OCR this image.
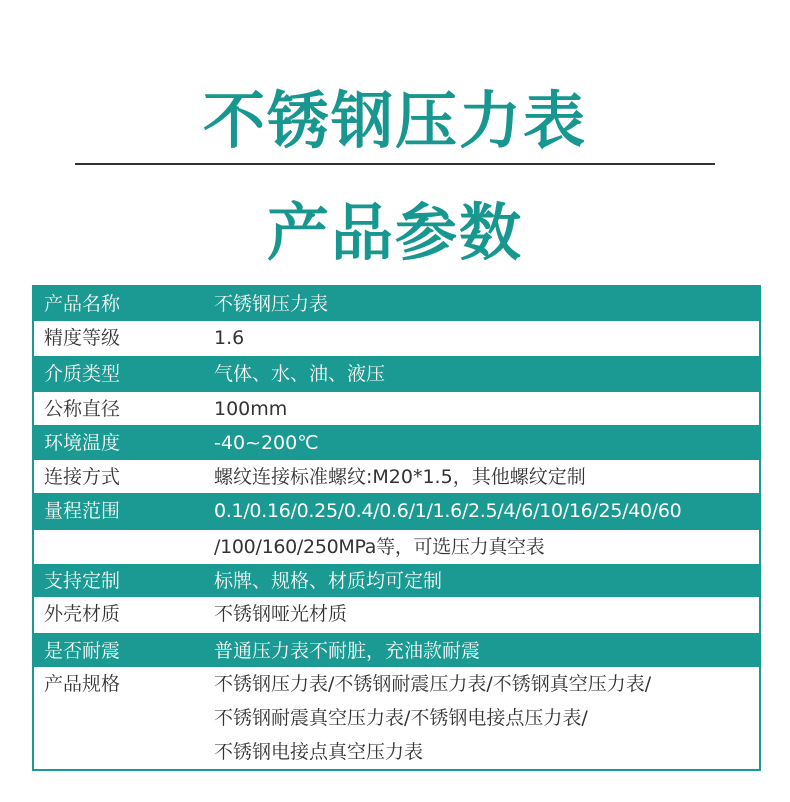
不锈钢压力表
产品参数
产品名称	不锈钢压力表
精度等级	1.6
介质类型	气体、水、油、液压
公称直径	100mm
环境温度	-40~200℃
连接方式	螺纹连接标准螺纹:M20*1.5，其他螺纹定制
量程范围	0.1/0.16/0.25/0.4/0.6/1/1.6/2.5/4/6/10/16/25/40/60
/100/160/250MPa等，可选压力真空表
支持定制	标牌、规格、材质均可定制
外壳材质	不锈钢哑光材质
是否耐震	普通压力表不耐脏，充油款耐震
产品规格	不锈钢压力表/不锈钢耐震压力表/不锈钢真空压力表/
不锈钢耐震真空压力表/不锈钢电接点压力表/
不锈钢电接点真空压力表
